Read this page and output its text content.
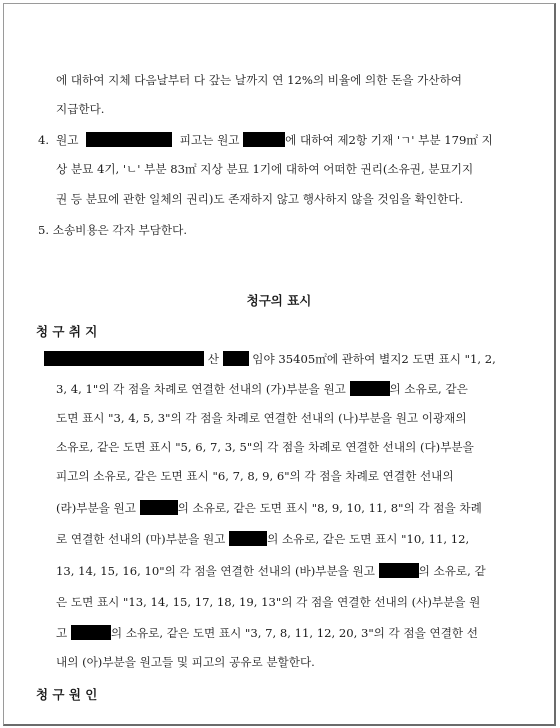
에 대하여 지체 다음날부터 다 갚는 날까지 연 12%의 비율에 의한 돈을 가산하여
지급한다.
4. 원고	피고는 원고	에 대하여 제2항 기재 'ㄱ' 부분 179㎡ 지
상 분묘 4기, 'ㄴ' 부분 83㎡ 지상 분묘 1기에 대하여 어떠한 권리(소유권, 분묘기지
권 등 분묘에 관한 일체의 권리)도 존재하지 않고 행사하지 않을 것임을 확인한다.
5. 소송비용은 각자 부담한다.
청구의 표시
청 구 취 지
산	임야 35405㎡에 관하여 별지2 도면 표시 "1, 2,
3, 4, 1"의 각 점을 차례로 연결한 선내의 (가)부분을 원고	의 소유로, 같은
도면 표시 "3, 4, 5, 3"의 각 점을 차례로 연결한 선내의 (나)부분을 원고 이광재의
소유로, 같은 도면 표시 "5, 6, 7, 3, 5"의 각 점을 차례로 연결한 선내의 (다)부분을
피고의 소유로, 같은 도면 표시 "6, 7, 8, 9, 6"의 각 점을 차례로 연결한 선내의
(라)부분을 원고	의 소유로, 같은 도면 표시 "8, 9, 10, 11, 8"의 각 점을 차례
로 연결한 선내의 (마)부분을 원고	의 소유로, 같은 도면 표시 "10, 11, 12,
13, 14, 15, 16, 10"의 각 점을 연결한 선내의 (바)부분을 원고	의 소유로, 같
은 도면 표시 "13, 14, 15, 17, 18, 19, 13"의 각 점을 연결한 선내의 (사)부분을 원
고	의 소유로, 같은 도면 표시 "3, 7, 8, 11, 12, 20, 3"의 각 점을 연결한 선
내의 (아)부분을 원고들 및 피고의 공유로 분할한다.
청 구 원 인
